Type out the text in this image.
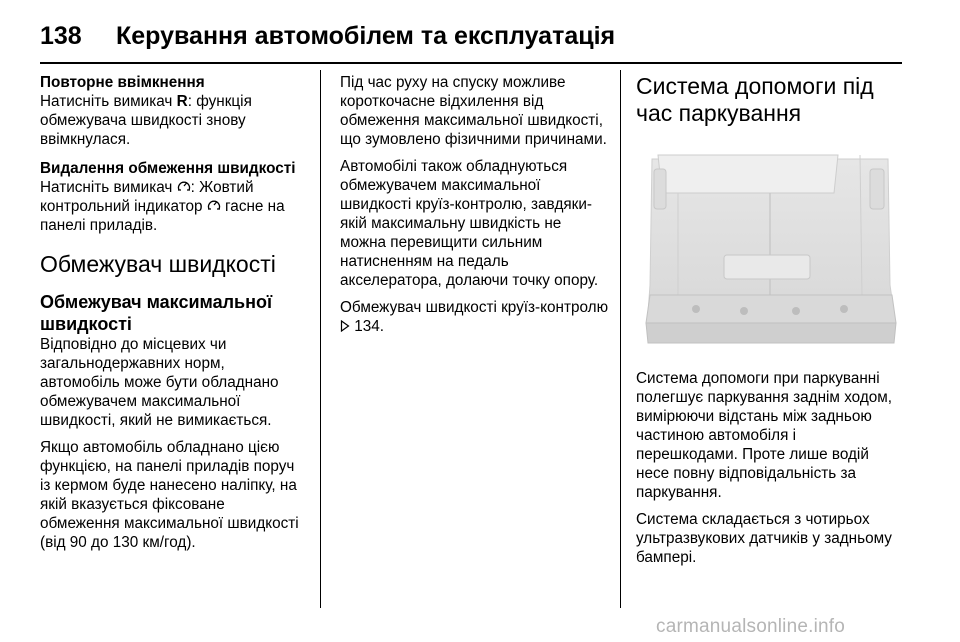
138	Керування автомобілем та експлуатація

Повторне ввімкнення
Натисніть вимикач R: функція обмежувача швидкості знову ввімкнулася.

Видалення обмеження швидкості
Натисніть вимикач : Жовтий контрольний індикатор  гасне на панелі приладів.

Обмежувач швидкості
Обмежувач максимальної швидкості

Відповідно до місцевих чи загальнодержавних норм, автомобіль може бути обладнано обмежувачем максимальної швидкості, який не вимикається.

Якщо автомобіль обладнано цією функцією, на панелі приладів поруч із кермом буде нанесено наліпку, на якій вказується фіксоване обмеження максимальної швидкості (від 90 до 130 км/год).

Під час руху на спуску можливе короткочасне відхилення від обмеження максимальної швидкості, що зумовлено фізичними причинами.

Автомобілі також обладнуються обмежувачем максимальної швидкості круїз-контролю, завдяки якій максимальну швидкість не можна перевищити сильним натисненням на педаль акселератора, долаючи точку опору.

Обмежувач швидкості круїз-контролю  134.

Система допомоги під час паркування

Система допомоги при паркуванні полегшує паркування заднім ходом, вимірюючи відстань між задньою частиною автомобіля і перешкодами. Проте лише водій несе повну відповідальність за паркування.

Система складається з чотирьох ультразвукових датчиків у задньому бампері.

carmanualsonline.info
